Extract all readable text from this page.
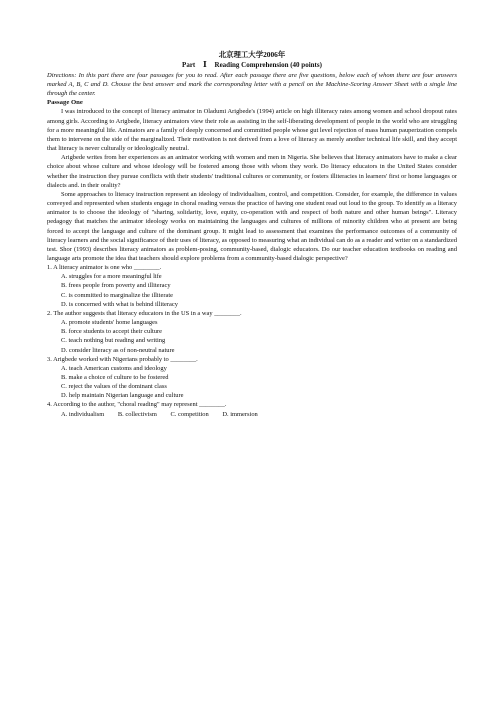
北京理工大学2006年

Part Ⅰ Reading Comprehension (40 points)

Directions: In this part there are four passages for you to read. After each passage there are five questions, below each of whom there are four answers marked A, B, C and D. Chouse the best answer and mark the corresponding letter with a pencil on the Machine-Scoring Answer Sheet with a single line through the center.

Passage One

I was introduced to the concept of literacy animator in Oladumi Arigbede's (1994) article on high illiteracy rates among women and school dropout rates among girls. According to Arigbede, literacy animators view their role as assisting in the self-liberating development of people in the world who are struggling for a more meaningful life. Animators are a family of deeply concerned and committed people whose gut level rejection of mass human pauperization compels them to intervene on the side of the marginalized. Their motivation is not derived from a love of literacy as merely another technical life skill, and they accept that literacy is never culturally or ideologically neutral.

Arigbede writes from her experiences as an animator working with women and men in Nigeria. She believes that literacy animators have to make a clear choice about whose culture and whose ideology will be fostered among those with whom they work. Do literacy educators in the United States consider whether the instruction they pursue conflicts with their students' traditional cultures or community, or fosters illiteracies in learners' first or home languages or dialects and. in their orality?

Some approaches to literacy instruction represent an ideology of individualism, control, and competition. Consider, for example, the difference in values conveyed and represented when students engage in choral reading versus the practice of having one student read out loud to the group. To identify as a literacy animator is to choose the ideology of "sharing, solidarity, love, equity, co-operation with and respect of both nature and other human beings". Literacy pedagogy that matches the animator ideology works on maintaining the languages and cultures of millions of minority children who at present are being forced to accept the language and culture of the dominant group. It might lead to assessment that examines the performance outcomes of a community of literacy learners and the social significance of their uses of literacy, as opposed to measuring what an individual can do as a reader and writer on a standardized test. Shor (1993) describes literacy animators as problem-posing, community-based, dialogic educators. Do our teacher education textbooks on reading and language arts promote the idea that teachers should explore problems from a community-based dialogic perspective?

1. A literacy animator is one who ________.

A. struggles for a more meaningful life

B. frees people from poverty and illiteracy

C. is committed to marginalize the illiterate

D. is concerned with what is behind illiteracy

2. The author suggests that literacy educators in the US in a way ________.

A. promote students' home languages

B. force students to accept their culture

C. teach nothing but reading and writing

D. consider literacy as of non-neutral nature

3. Arigbede worked with Nigerians probably to ________.

A. teach American customs and ideology

B. make a choice of culture to be fostered

C. reject the values of the dominant class

D. help maintain Nigerian language and culture

4. According to the author, "choral reading" may represent ________.

A. individualism B. collectivism C. competition D. immersion
